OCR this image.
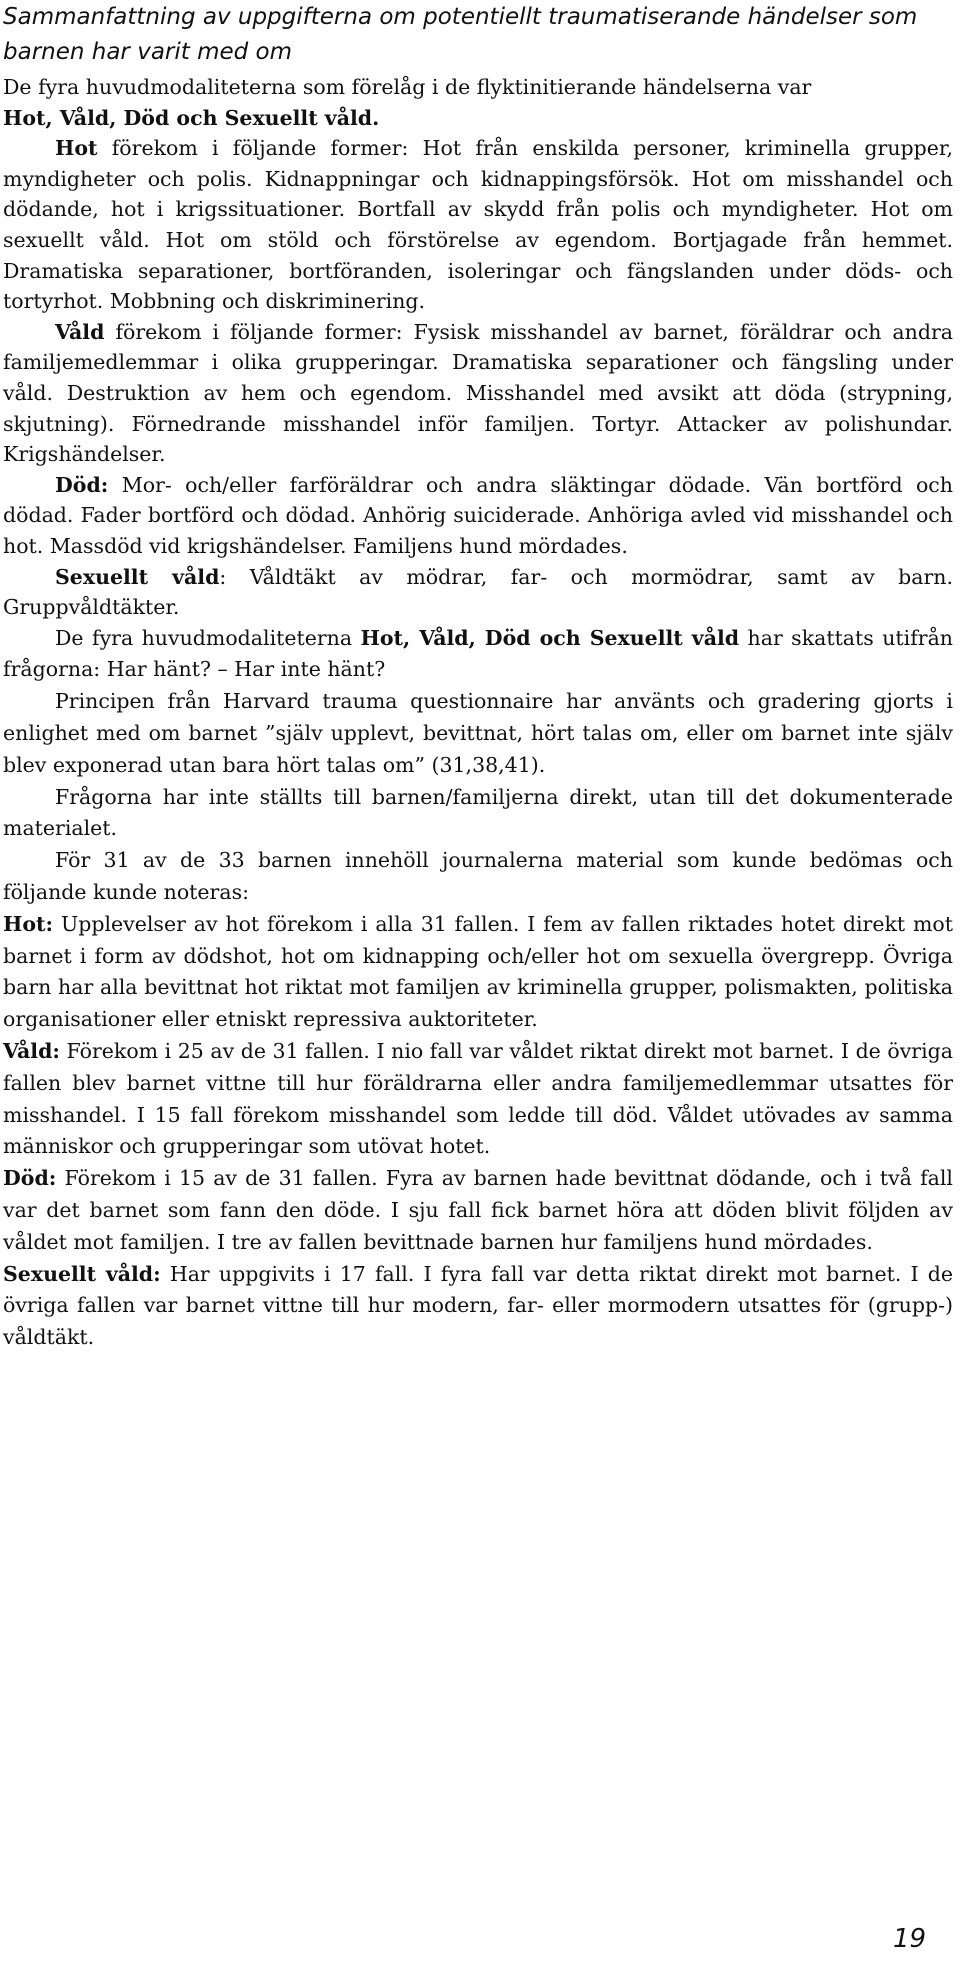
Sammanfattning av uppgifterna om potentiellt traumatiserande händelser som barnen har varit med om

De fyra huvudmodaliteterna som förelåg i de flyktinitierande händelserna var
Hot, Våld, Död och Sexuellt våld.

Hot förekom i följande former: Hot från enskilda personer, kriminella grupper, myndigheter och polis. Kidnappningar och kidnappingsförsök. Hot om misshandel och dödande, hot i krigssituationer. Bortfall av skydd från polis och myndigheter. Hot om sexuellt våld. Hot om stöld och förstörelse av egendom. Bortjagade från hemmet. Dramatiska separationer, bortföranden, isoleringar och fängslanden under döds- och tortyrhot. Mobbning och diskriminering.

Våld förekom i följande former: Fysisk misshandel av barnet, föräldrar och andra familjemedlemmar i olika grupperingar. Dramatiska separationer och fängsling under våld. Destruktion av hem och egendom. Misshandel med avsikt att döda (strypning, skjutning). Förnedrande misshandel inför familjen. Tortyr. Attacker av polishundar. Krigshändelser.

Död: Mor- och/eller farföräldrar och andra släktingar dödade. Vän bortförd och dödad. Fader bortförd och dödad. Anhörig suiciderade. Anhöriga avled vid misshandel och hot. Massdöd vid krigshändelser. Familjens hund mördades.

Sexuellt våld: Våldtäkt av mödrar, far- och mormödrar, samt av barn. Gruppvåldtäkter.

De fyra huvudmodaliteterna Hot, Våld, Död och Sexuellt våld har skattats utifrån frågorna: Har hänt? – Har inte hänt?

Principen från Harvard trauma questionnaire har använts och gradering gjorts i enlighet med om barnet ”själv upplevt, bevittnat, hört talas om, eller om barnet inte själv blev exponerad utan bara hört talas om” (31,38,41).

Frågorna har inte ställts till barnen/familjerna direkt, utan till det dokumenterade materialet.

För 31 av de 33 barnen innehöll journalerna material som kunde bedömas och följande kunde noteras:

Hot: Upplevelser av hot förekom i alla 31 fallen. I fem av fallen riktades hotet direkt mot barnet i form av dödshot, hot om kidnapping och/eller hot om sexuella övergrepp. Övriga barn har alla bevittnat hot riktat mot familjen av kriminella grupper, polismakten, politiska organisationer eller etniskt repressiva auktoriteter.

Våld: Förekom i 25 av de 31 fallen. I nio fall var våldet riktat direkt mot barnet. I de övriga fallen blev barnet vittne till hur föräldrarna eller andra familjemedlemmar utsattes för misshandel. I 15 fall förekom misshandel som ledde till död. Våldet utövades av samma människor och grupperingar som utövat hotet.

Död: Förekom i 15 av de 31 fallen. Fyra av barnen hade bevittnat dödande, och i två fall var det barnet som fann den döde. I sju fall fick barnet höra att döden blivit följden av våldet mot familjen. I tre av fallen bevittnade barnen hur familjens hund mördades.

Sexuellt våld: Har uppgivits i 17 fall. I fyra fall var detta riktat direkt mot barnet. I de övriga fallen var barnet vittne till hur modern, far- eller mormodern utsattes för (grupp-) våldtäkt.

19
